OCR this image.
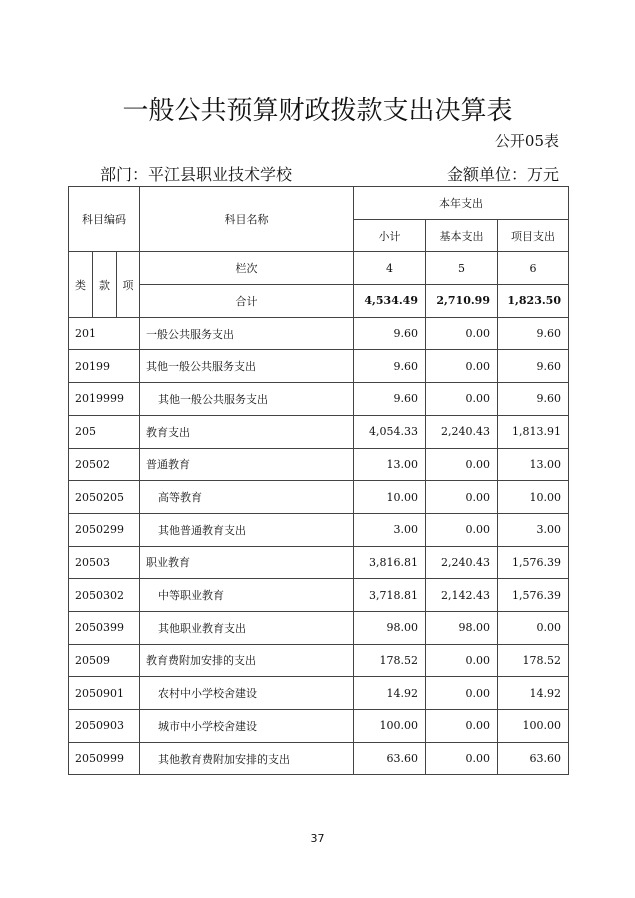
一般公共预算财政拨款支出决算表
公开05表
部门：平江县职业技术学校	金额单位：万元
科目编码			科目名称	本年支出		
				小计	基本支出	项目支出
类	款	项	栏次	4	5	6
			合计	4,534.49	2,710.99	1,823.50
201			一般公共服务支出	9.60	0.00	9.60
20199			其他一般公共服务支出	9.60	0.00	9.60
2019999			其他一般公共服务支出	9.60	0.00	9.60
205			教育支出	4,054.33	2,240.43	1,813.91
20502			普通教育	13.00	0.00	13.00
2050205			高等教育	10.00	0.00	10.00
2050299			其他普通教育支出	3.00	0.00	3.00
20503			职业教育	3,816.81	2,240.43	1,576.39
2050302			中等职业教育	3,718.81	2,142.43	1,576.39
2050399			其他职业教育支出	98.00	98.00	0.00
20509			教育费附加安排的支出	178.52	0.00	178.52
2050901			农村中小学校舍建设	14.92	0.00	14.92
2050903			城市中小学校舍建设	100.00	0.00	100.00
2050999			其他教育费附加安排的支出	63.60	0.00	63.60
37
